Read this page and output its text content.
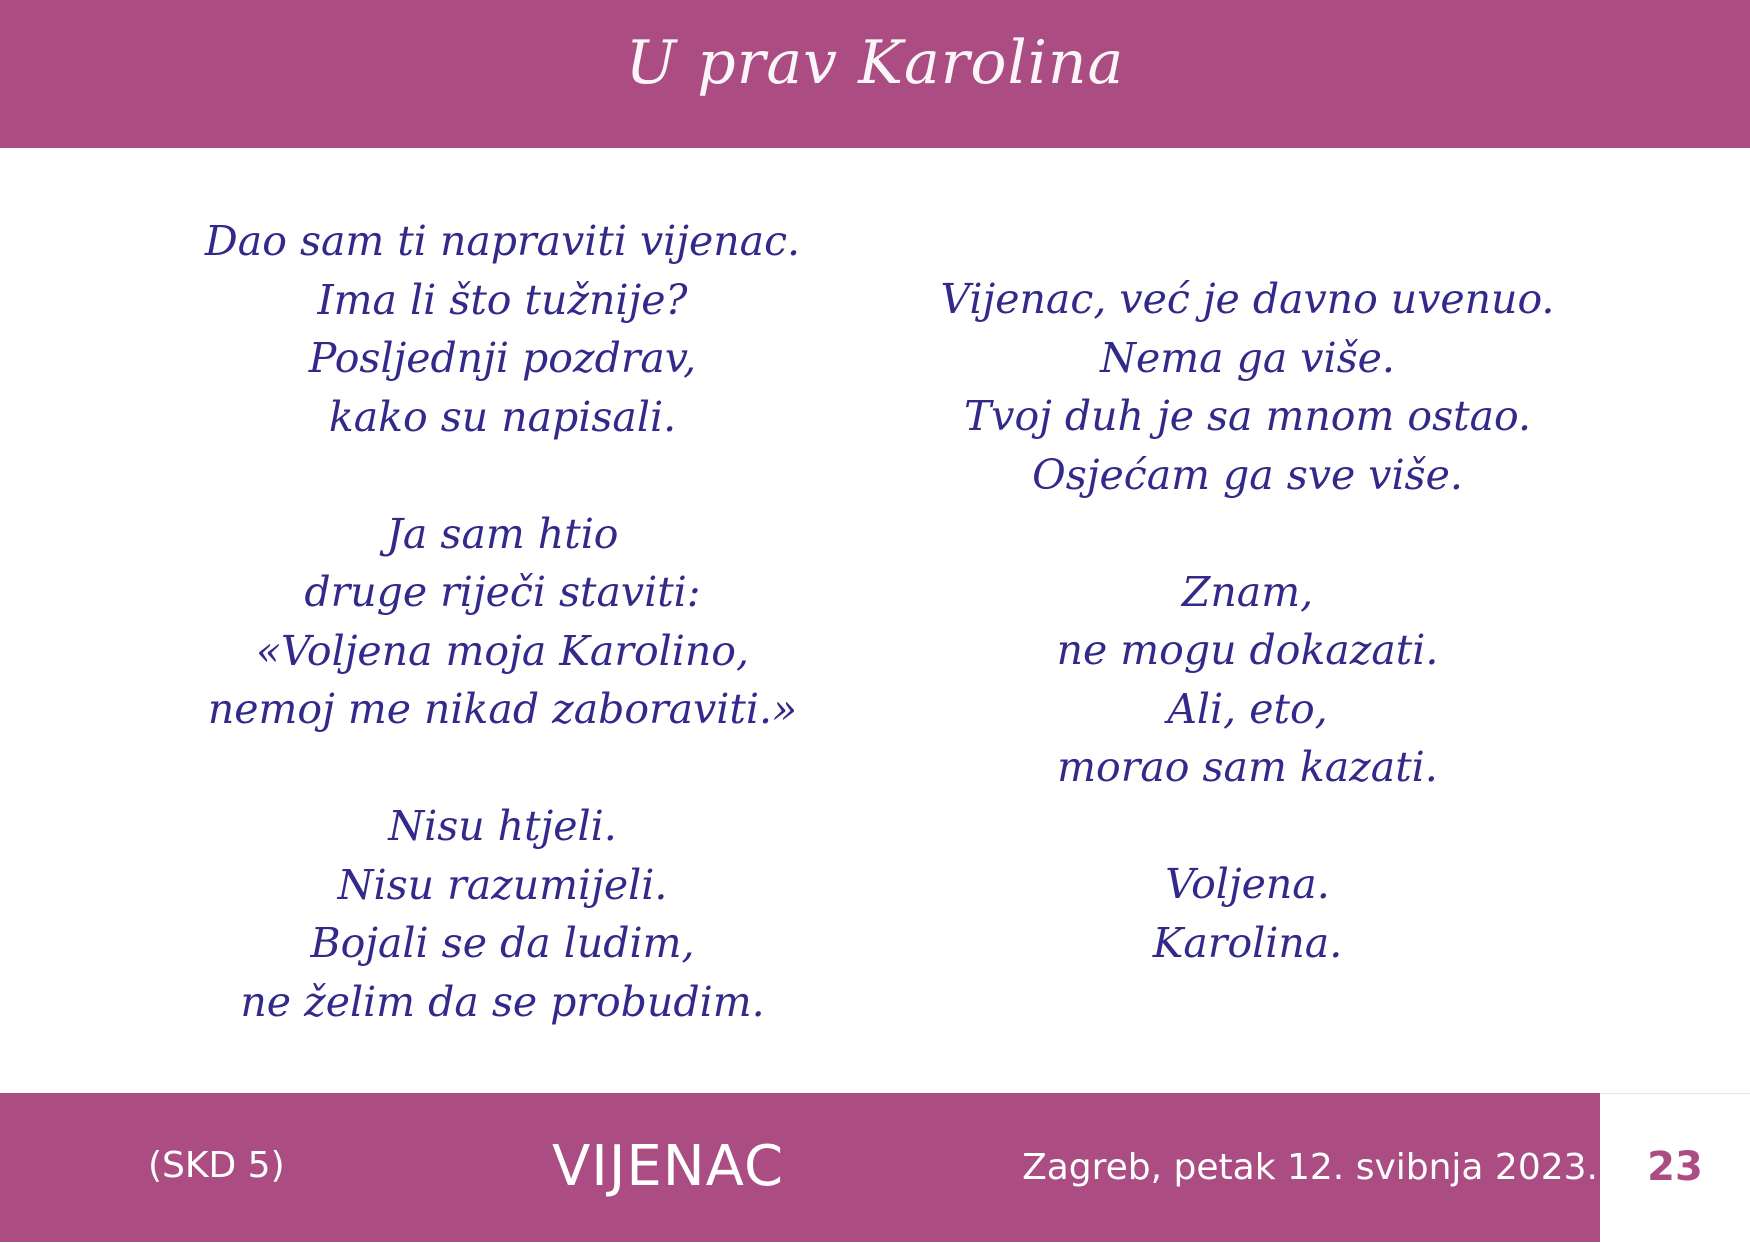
U prav Karolina
Dao sam ti napraviti vijenac.
Ima li što tužnije?
Posljednji pozdrav,
kako su napisali.
Ja sam htio
druge riječi staviti:
«Voljena moja Karolino,
nemoj me nikad zaboraviti.»
Nisu htjeli.
Nisu razumijeli.
Bojali se da ludim,
ne želim da se probudim.
Vijenac, već je davno uvenuo.
Nema ga više.
Tvoj duh je sa mnom ostao.
Osjećam ga sve više.
Znam,
ne mogu dokazati.
Ali, eto,
morao sam kazati.
Voljena.
Karolina.
(SKD 5)	VIJENAC	Zagreb, petak 12. svibnja 2023.	23
